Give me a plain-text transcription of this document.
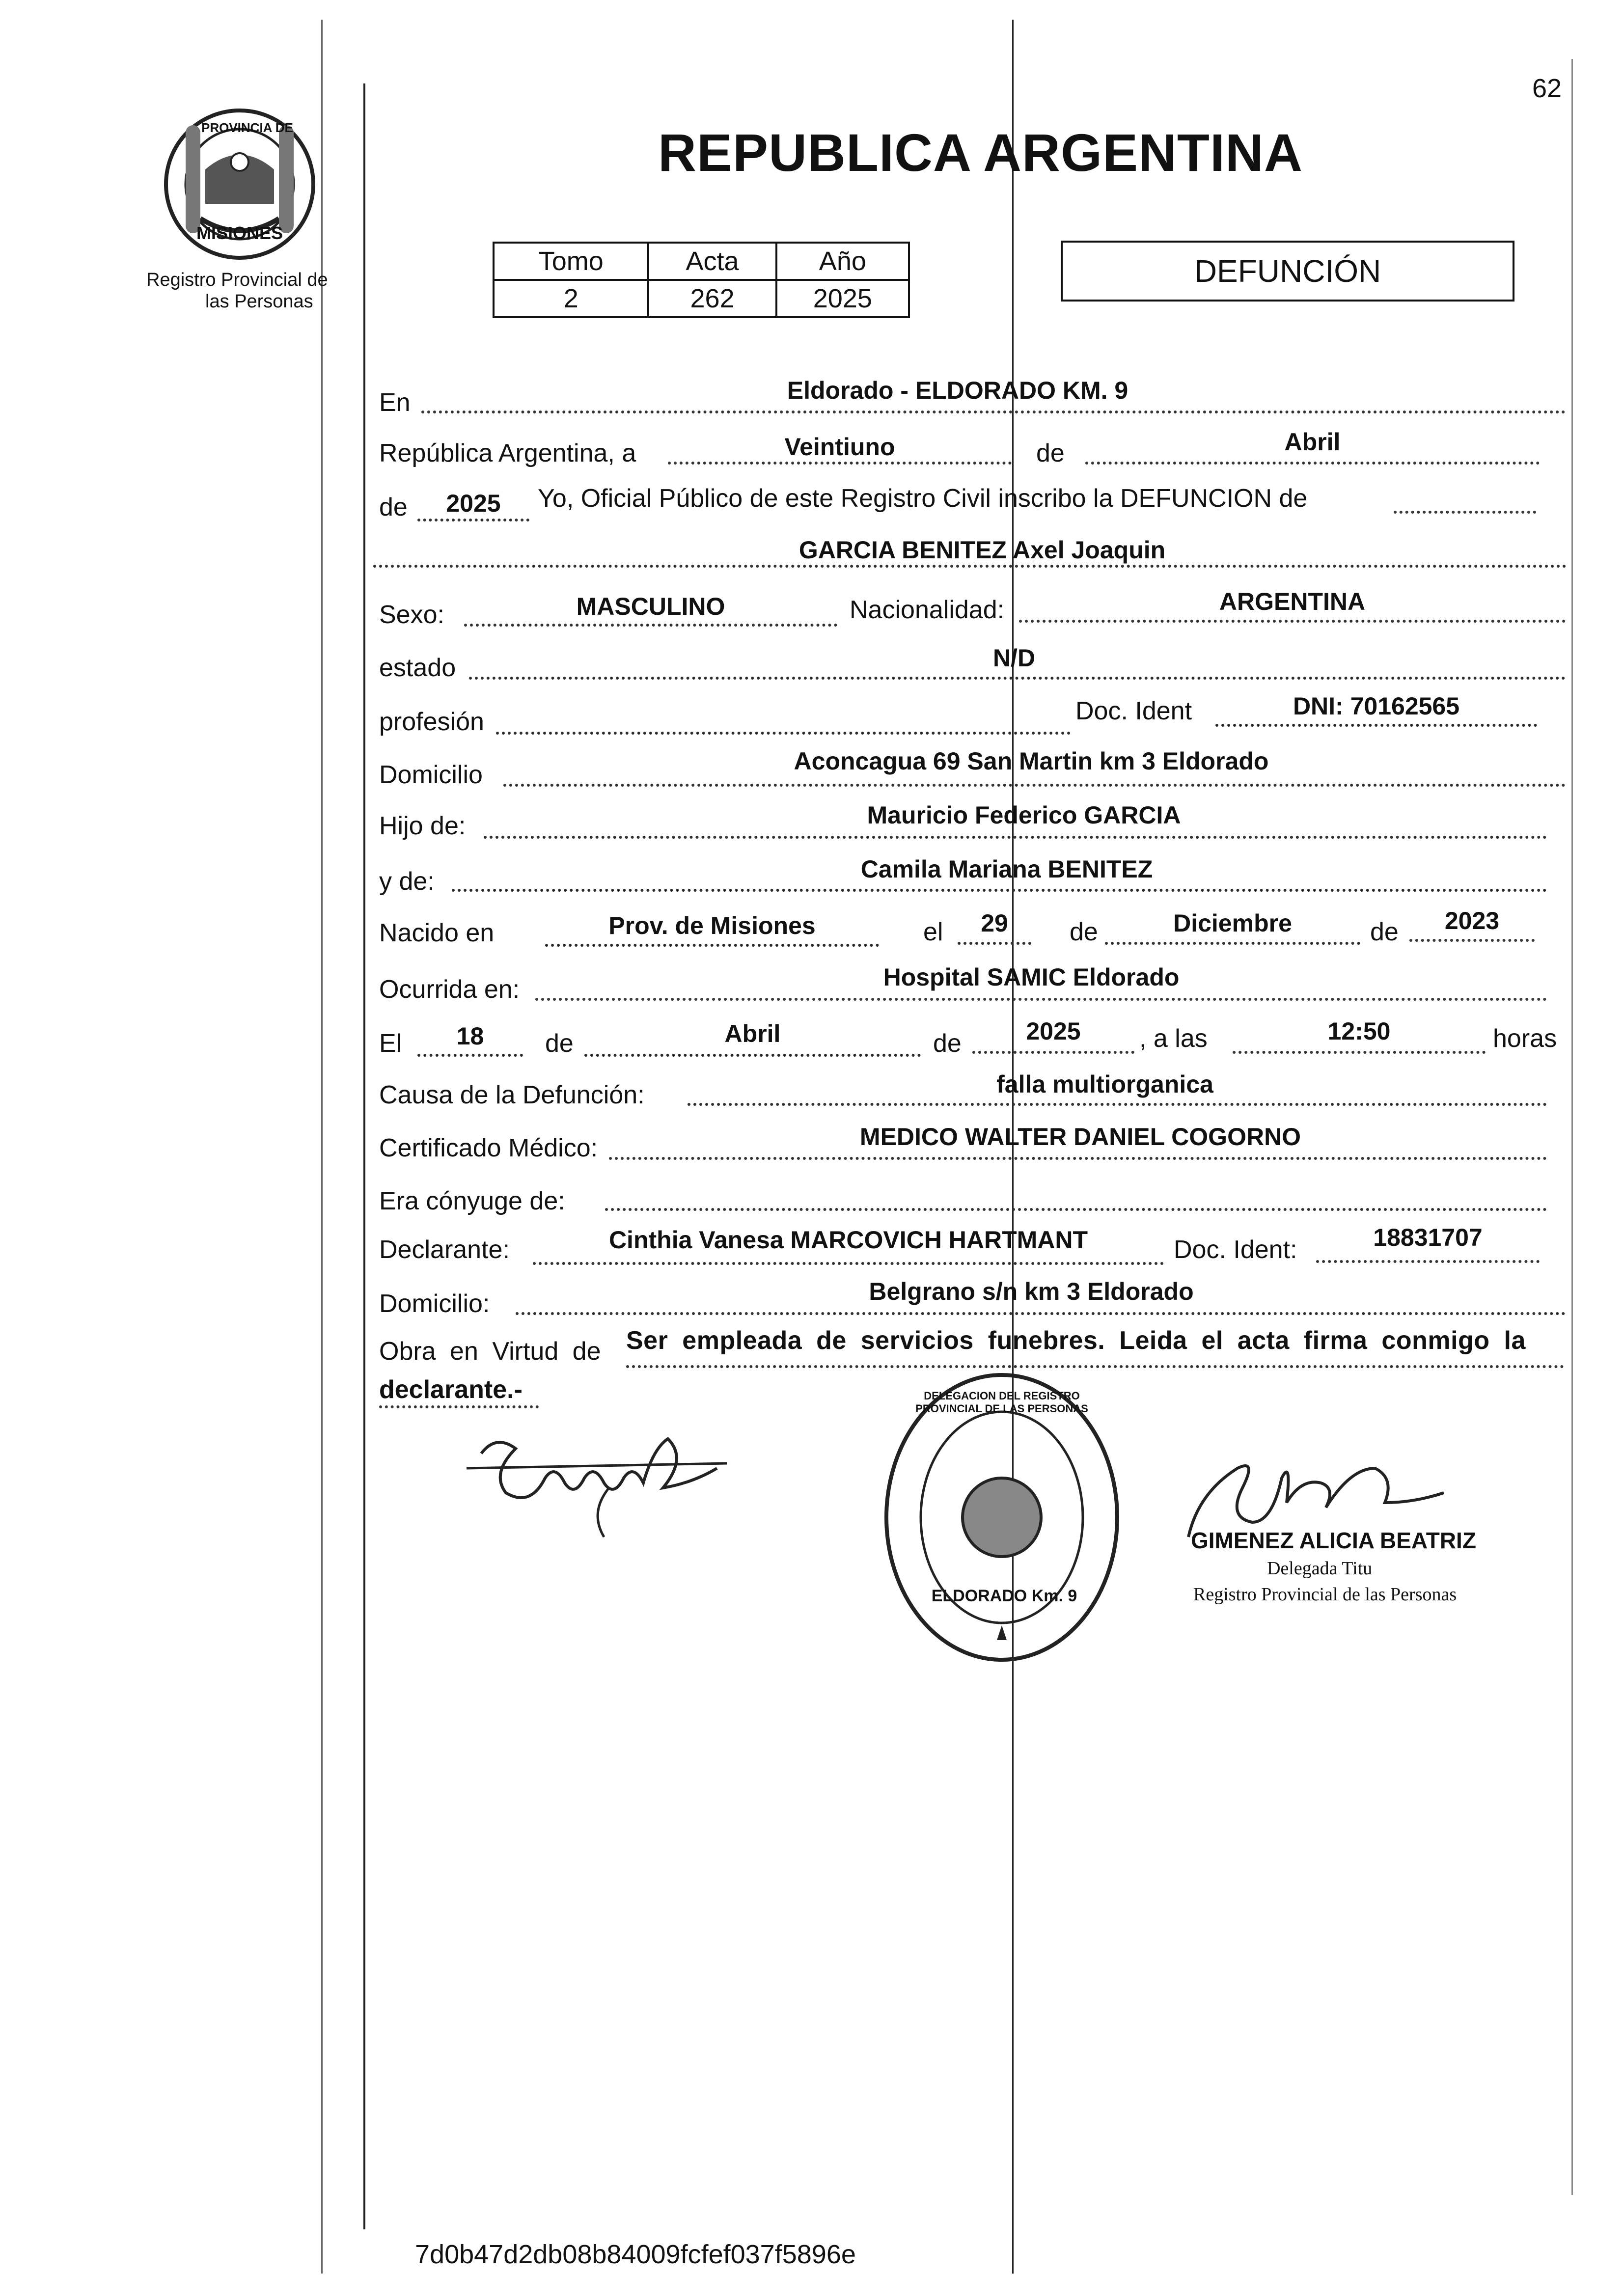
62
PROVINCIA DE
MISIONES
Registro Provincial de
las Personas
REPUBLICA ARGENTINA
Tomo	Acta	Año
2	262	2025
DEFUNCIÓN
En	Eldorado - ELDORADO KM. 9
República Argentina, a	Veintiuno	de	Abril
de	2025	Yo, Oficial Público de este Registro Civil inscribo la DEFUNCION de
GARCIA BENITEZ Axel Joaquin
Sexo:	MASCULINO	Nacionalidad:	ARGENTINA
estado	N/D
profesión	Doc. Ident	DNI: 70162565
Domicilio	Aconcagua 69 San Martin km 3 Eldorado
Hijo de:	Mauricio Federico GARCIA
y de:	Camila Mariana BENITEZ
Nacido en	Prov. de Misiones	el	29	de	Diciembre	de	2023
Ocurrida en:	Hospital SAMIC Eldorado
El	18	de	Abril	de	2025	, a las	12:50	horas
Causa de la Defunción:	falla multiorganica
Certificado Médico:	MEDICO WALTER DANIEL COGORNO
Era cónyuge de:
Declarante:	Cinthia Vanesa MARCOVICH HARTMANT	Doc. Ident:	18831707
Domicilio:	Belgrano s/n km 3 Eldorado
Obra en Virtud de Ser empleada de servicios funebres. Leida el acta firma conmigo la
declarante.-	DELEGACION DEL REGISTRO PROVINCIAL DE LAS PERSONAS
ELDORADO Km. 9
GIMENEZ ALICIA BEATRIZ
Delegada Titu
Registro Provincial de las Personas
7d0b47d2db08b84009fcfef037f5896e
